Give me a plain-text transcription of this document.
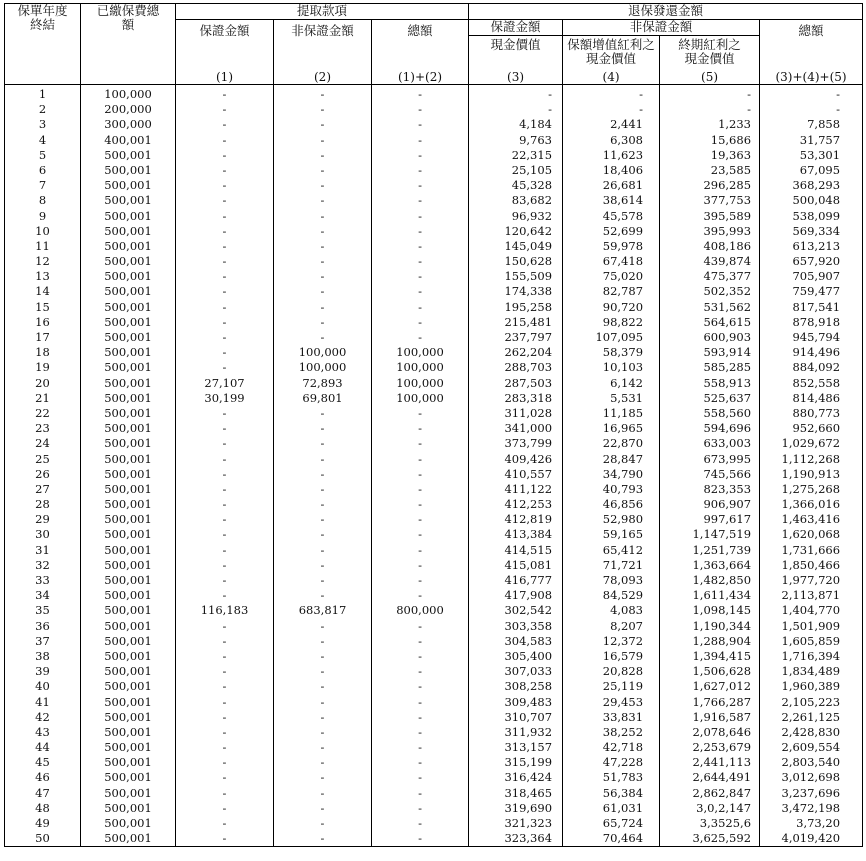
保單年度終結	已繳保費總額	提取款項			退保發還金額			
		保證金額	非保證金額	總額	保證金額	非保證金額		總額
					現金價值	保額增值紅利之現金價值	終期紅利之現金價值	
		(1)	(2)	(1)+(2)	(3)	(4)	(5)	(3)+(4)+(5)
1	100,000	-	-	-	-	-	-	-
2	200,000	-	-	-	-	-	-	-
3	300,000	-	-	-	4,184	2,441	1,233	7,858
4	400,001	-	-	-	9,763	6,308	15,686	31,757
5	500,001	-	-	-	22,315	11,623	19,363	53,301
6	500,001	-	-	-	25,105	18,406	23,585	67,095
7	500,001	-	-	-	45,328	26,681	296,285	368,293
8	500,001	-	-	-	83,682	38,614	377,753	500,048
9	500,001	-	-	-	96,932	45,578	395,589	538,099
10	500,001	-	-	-	120,642	52,699	395,993	569,334
11	500,001	-	-	-	145,049	59,978	408,186	613,213
12	500,001	-	-	-	150,628	67,418	439,874	657,920
13	500,001	-	-	-	155,509	75,020	475,377	705,907
14	500,001	-	-	-	174,338	82,787	502,352	759,477
15	500,001	-	-	-	195,258	90,720	531,562	817,541
16	500,001	-	-	-	215,481	98,822	564,615	878,918
17	500,001	-	-	-	237,797	107,095	600,903	945,794
18	500,001	-	100,000	100,000	262,204	58,379	593,914	914,496
19	500,001	-	100,000	100,000	288,703	10,103	585,285	884,092
20	500,001	27,107	72,893	100,000	287,503	6,142	558,913	852,558
21	500,001	30,199	69,801	100,000	283,318	5,531	525,637	814,486
22	500,001	-	-	-	311,028	11,185	558,560	880,773
23	500,001	-	-	-	341,000	16,965	594,696	952,660
24	500,001	-	-	-	373,799	22,870	633,003	1,029,672
25	500,001	-	-	-	409,426	28,847	673,995	1,112,268
26	500,001	-	-	-	410,557	34,790	745,566	1,190,913
27	500,001	-	-	-	411,122	40,793	823,353	1,275,268
28	500,001	-	-	-	412,253	46,856	906,907	1,366,016
29	500,001	-	-	-	412,819	52,980	997,617	1,463,416
30	500,001	-	-	-	413,384	59,165	1,147,519	1,620,068
31	500,001	-	-	-	414,515	65,412	1,251,739	1,731,666
32	500,001	-	-	-	415,081	71,721	1,363,664	1,850,466
33	500,001	-	-	-	416,777	78,093	1,482,850	1,977,720
34	500,001	-	-	-	417,908	84,529	1,611,434	2,113,871
35	500,001	116,183	683,817	800,000	302,542	4,083	1,098,145	1,404,770
36	500,001	-	-	-	303,358	8,207	1,190,344	1,501,909
37	500,001	-	-	-	304,583	12,372	1,288,904	1,605,859
38	500,001	-	-	-	305,400	16,579	1,394,415	1,716,394
39	500,001	-	-	-	307,033	20,828	1,506,628	1,834,489
40	500,001	-	-	-	308,258	25,119	1,627,012	1,960,389
41	500,001	-	-	-	309,483	29,453	1,766,287	2,105,223
42	500,001	-	-	-	310,707	33,831	1,916,587	2,261,125
43	500,001	-	-	-	311,932	38,252	2,078,646	2,428,830
44	500,001	-	-	-	313,157	42,718	2,253,679	2,609,554
45	500,001	-	-	-	315,199	47,228	2,441,113	2,803,540
46	500,001	-	-	-	316,424	51,783	2,644,491	3,012,698
47	500,001	-	-	-	318,465	56,384	2,862,847	3,237,696
48	500,001	-	-	-	319,690	61,031	3,0,2,147	3,472,198
49	500,001	-	-	-	321,323	65,724	3,3525,6	3,73,20
50	500,001	-	-	-	323,364	70,464	3,625,592	4,019,420
